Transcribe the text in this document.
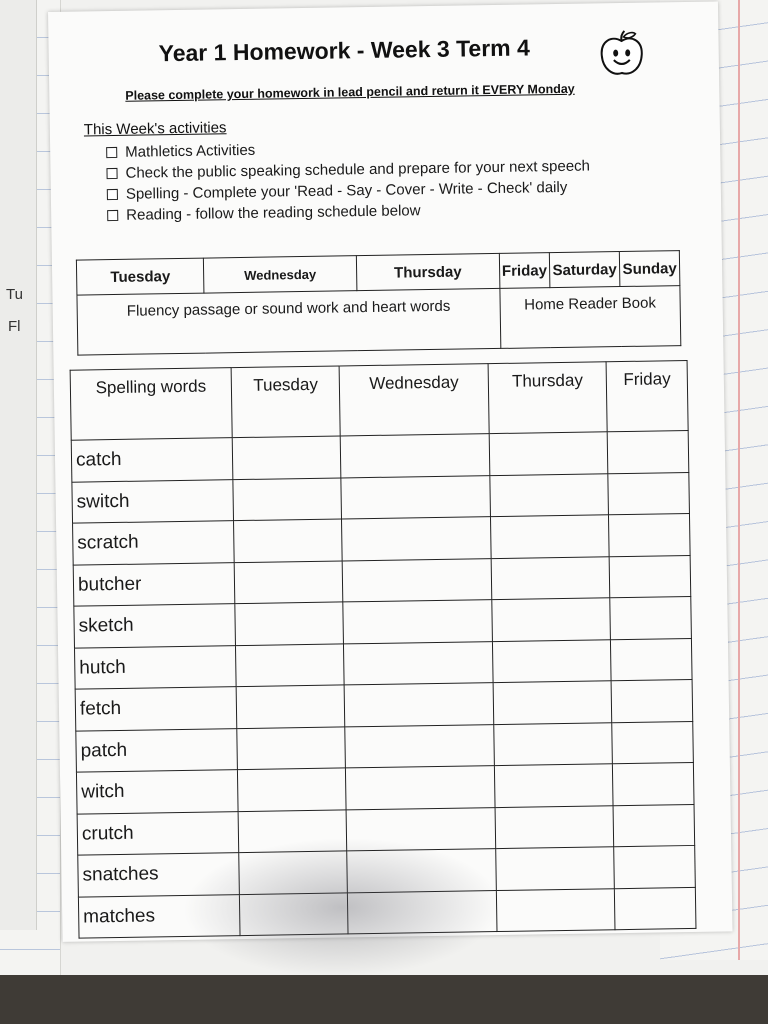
Tu
Fl
Year 1 Homework - Week 3 Term 4
Please complete your homework in lead pencil and return it EVERY Monday
This Week's activities
Mathletics Activities
Check the public speaking schedule and prepare for your next speech
Spelling - Complete your 'Read - Say - Cover - Write - Check' daily
Reading - follow the reading schedule below
Tuesday	Wednesday	Thursday	Friday	Saturday	Sunday
Fluency passage or sound work and heart words			Home Reader Book		
Spelling words	Tuesday	Wednesday	Thursday	Friday
catch				
switch				
scratch				
butcher				
sketch				
hutch				
fetch				
patch				
witch				
crutch				
snatches				
matches				
